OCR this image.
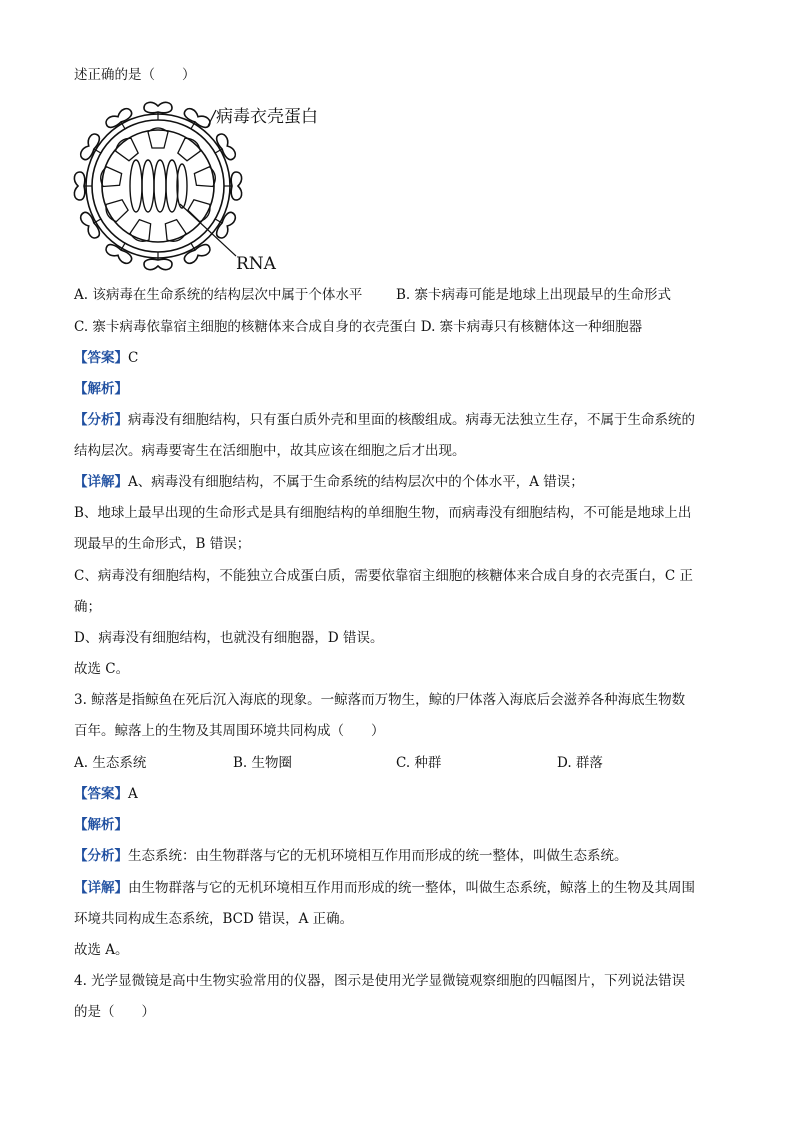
述正确的是（　　）
病毒衣壳蛋白
RNA
A. 该病毒在生命系统的结构层次中属于个体水平 B. 寨卡病毒可能是地球上出现最早的生命形式
C. 寨卡病毒依靠宿主细胞的核糖体来合成自身的衣壳蛋白 D. 寨卡病毒只有核糖体这一种细胞器
【答案】C
【解析】
【分析】病毒没有细胞结构，只有蛋白质外壳和里面的核酸组成。病毒无法独立生存，不属于生命系统的
结构层次。病毒要寄生在活细胞中，故其应该在细胞之后才出现。
【详解】A、病毒没有细胞结构，不属于生命系统的结构层次中的个体水平，A 错误；
B、地球上最早出现的生命形式是具有细胞结构的单细胞生物，而病毒没有细胞结构，不可能是地球上出
现最早的生命形式，B 错误；
C、病毒没有细胞结构，不能独立合成蛋白质，需要依靠宿主细胞的核糖体来合成自身的衣壳蛋白，C 正
确；
D、病毒没有细胞结构，也就没有细胞器，D 错误。
故选 C。
3. 鲸落是指鲸鱼在死后沉入海底的现象。一鲸落而万物生，鲸的尸体落入海底后会滋养各种海底生物数
百年。鲸落上的生物及其周围环境共同构成（　　）
A. 生态系统	B. 生物圈	C. 种群	D. 群落
【答案】A
【解析】
【分析】生态系统：由生物群落与它的无机环境相互作用而形成的统一整体，叫做生态系统。
【详解】由生物群落与它的无机环境相互作用而形成的统一整体，叫做生态系统，鲸落上的生物及其周围
环境共同构成生态系统，BCD 错误，A 正确。
故选 A。
4. 光学显微镜是高中生物实验常用的仪器，图示是使用光学显微镜观察细胞的四幅图片，下列说法错误
的是（　　）
